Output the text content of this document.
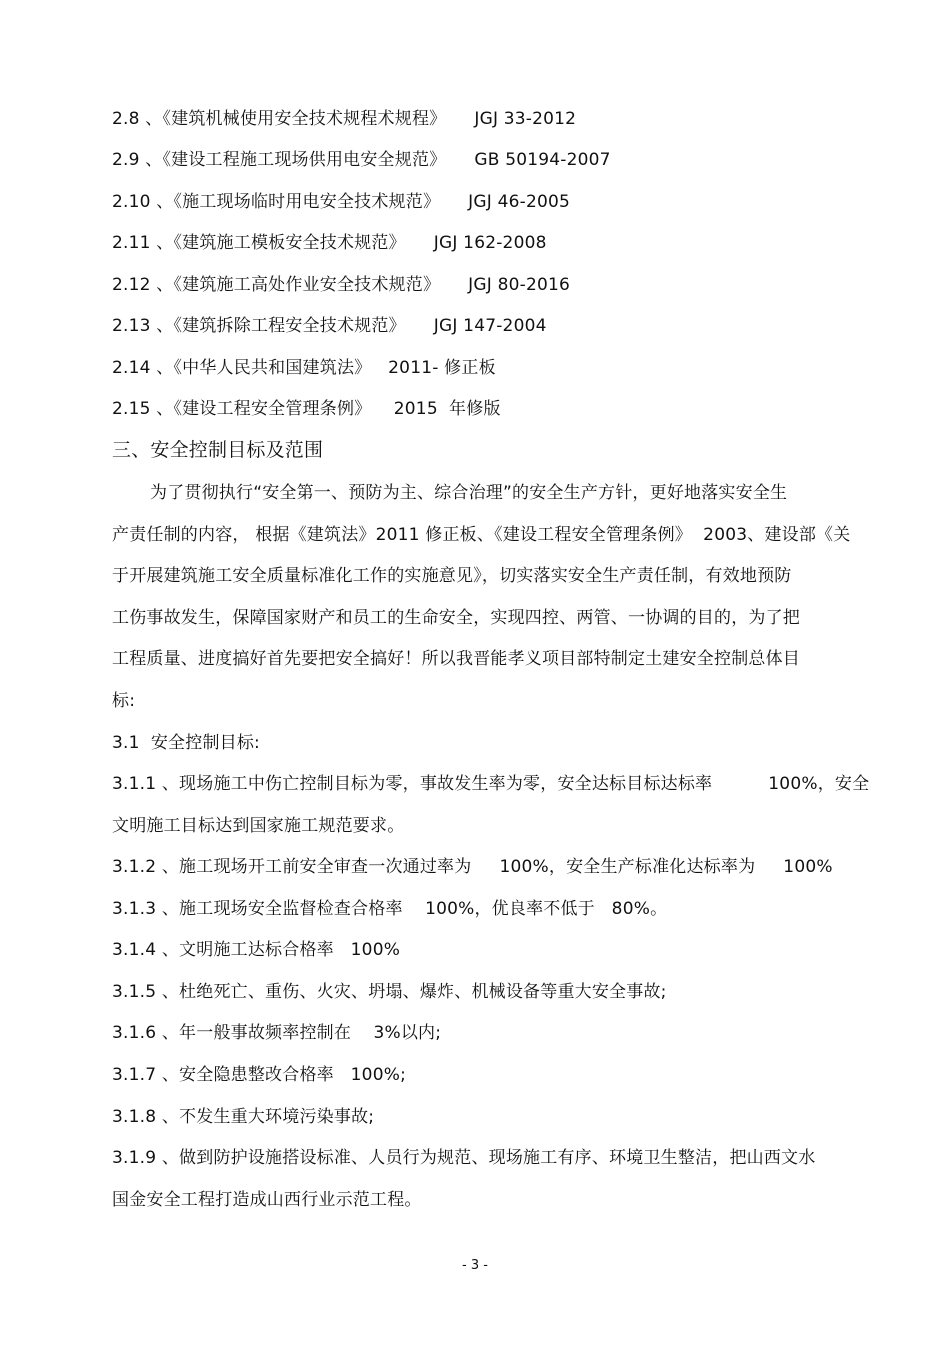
2.8 、《建筑机械使用安全技术规程术规程》     JGJ 33-2012
2.9 、《建设工程施工现场供用电安全规范》     GB 50194-2007
2.10 、《施工现场临时用电安全技术规范》     JGJ 46-2005
2.11 、《建筑施工模板安全技术规范》     JGJ 162-2008
2.12 、《建筑施工高处作业安全技术规范》     JGJ 80-2016
2.13 、《建筑拆除工程安全技术规范》     JGJ 147-2004
2.14 、《中华人民共和国建筑法》   2011- 修正板
2.15 、《建设工程安全管理条例》    2015  年修版
三、安全控制目标及范围
为了贯彻执行“安全第一、预防为主、综合治理”的安全生产方针，更好地落实安全生
产责任制的内容， 根据《建筑法》2011 修正板、《建设工程安全管理条例》  2003、建设部《关
于开展建筑施工安全质量标准化工作的实施意见》，切实落实安全生产责任制，有效地预防
工伤事故发生，保障国家财产和员工的生命安全，实现四控、两管、一协调的目的，为了把
工程质量、进度搞好首先要把安全搞好！所以我晋能孝义项目部特制定土建安全控制总体目
标:
3.1  安全控制目标:
3.1.1 、现场施工中伤亡控制目标为零，事故发生率为零，安全达标目标达标率          100%，安全
文明施工目标达到国家施工规范要求。
3.1.2 、施工现场开工前安全审查一次通过率为     100%，安全生产标准化达标率为     100%
3.1.3 、施工现场安全监督检查合格率    100%，优良率不低于   80%。
3.1.4 、文明施工达标合格率   100%
3.1.5 、杜绝死亡、重伤、火灾、坍塌、爆炸、机械设备等重大安全事故;
3.1.6 、年一般事故频率控制在    3%以内;
3.1.7 、安全隐患整改合格率   100%;
3.1.8 、不发生重大环境污染事故;
3.1.9 、做到防护设施搭设标准、人员行为规范、现场施工有序、环境卫生整洁，把山西文水
国金安全工程打造成山西行业示范工程。
- 3 -
